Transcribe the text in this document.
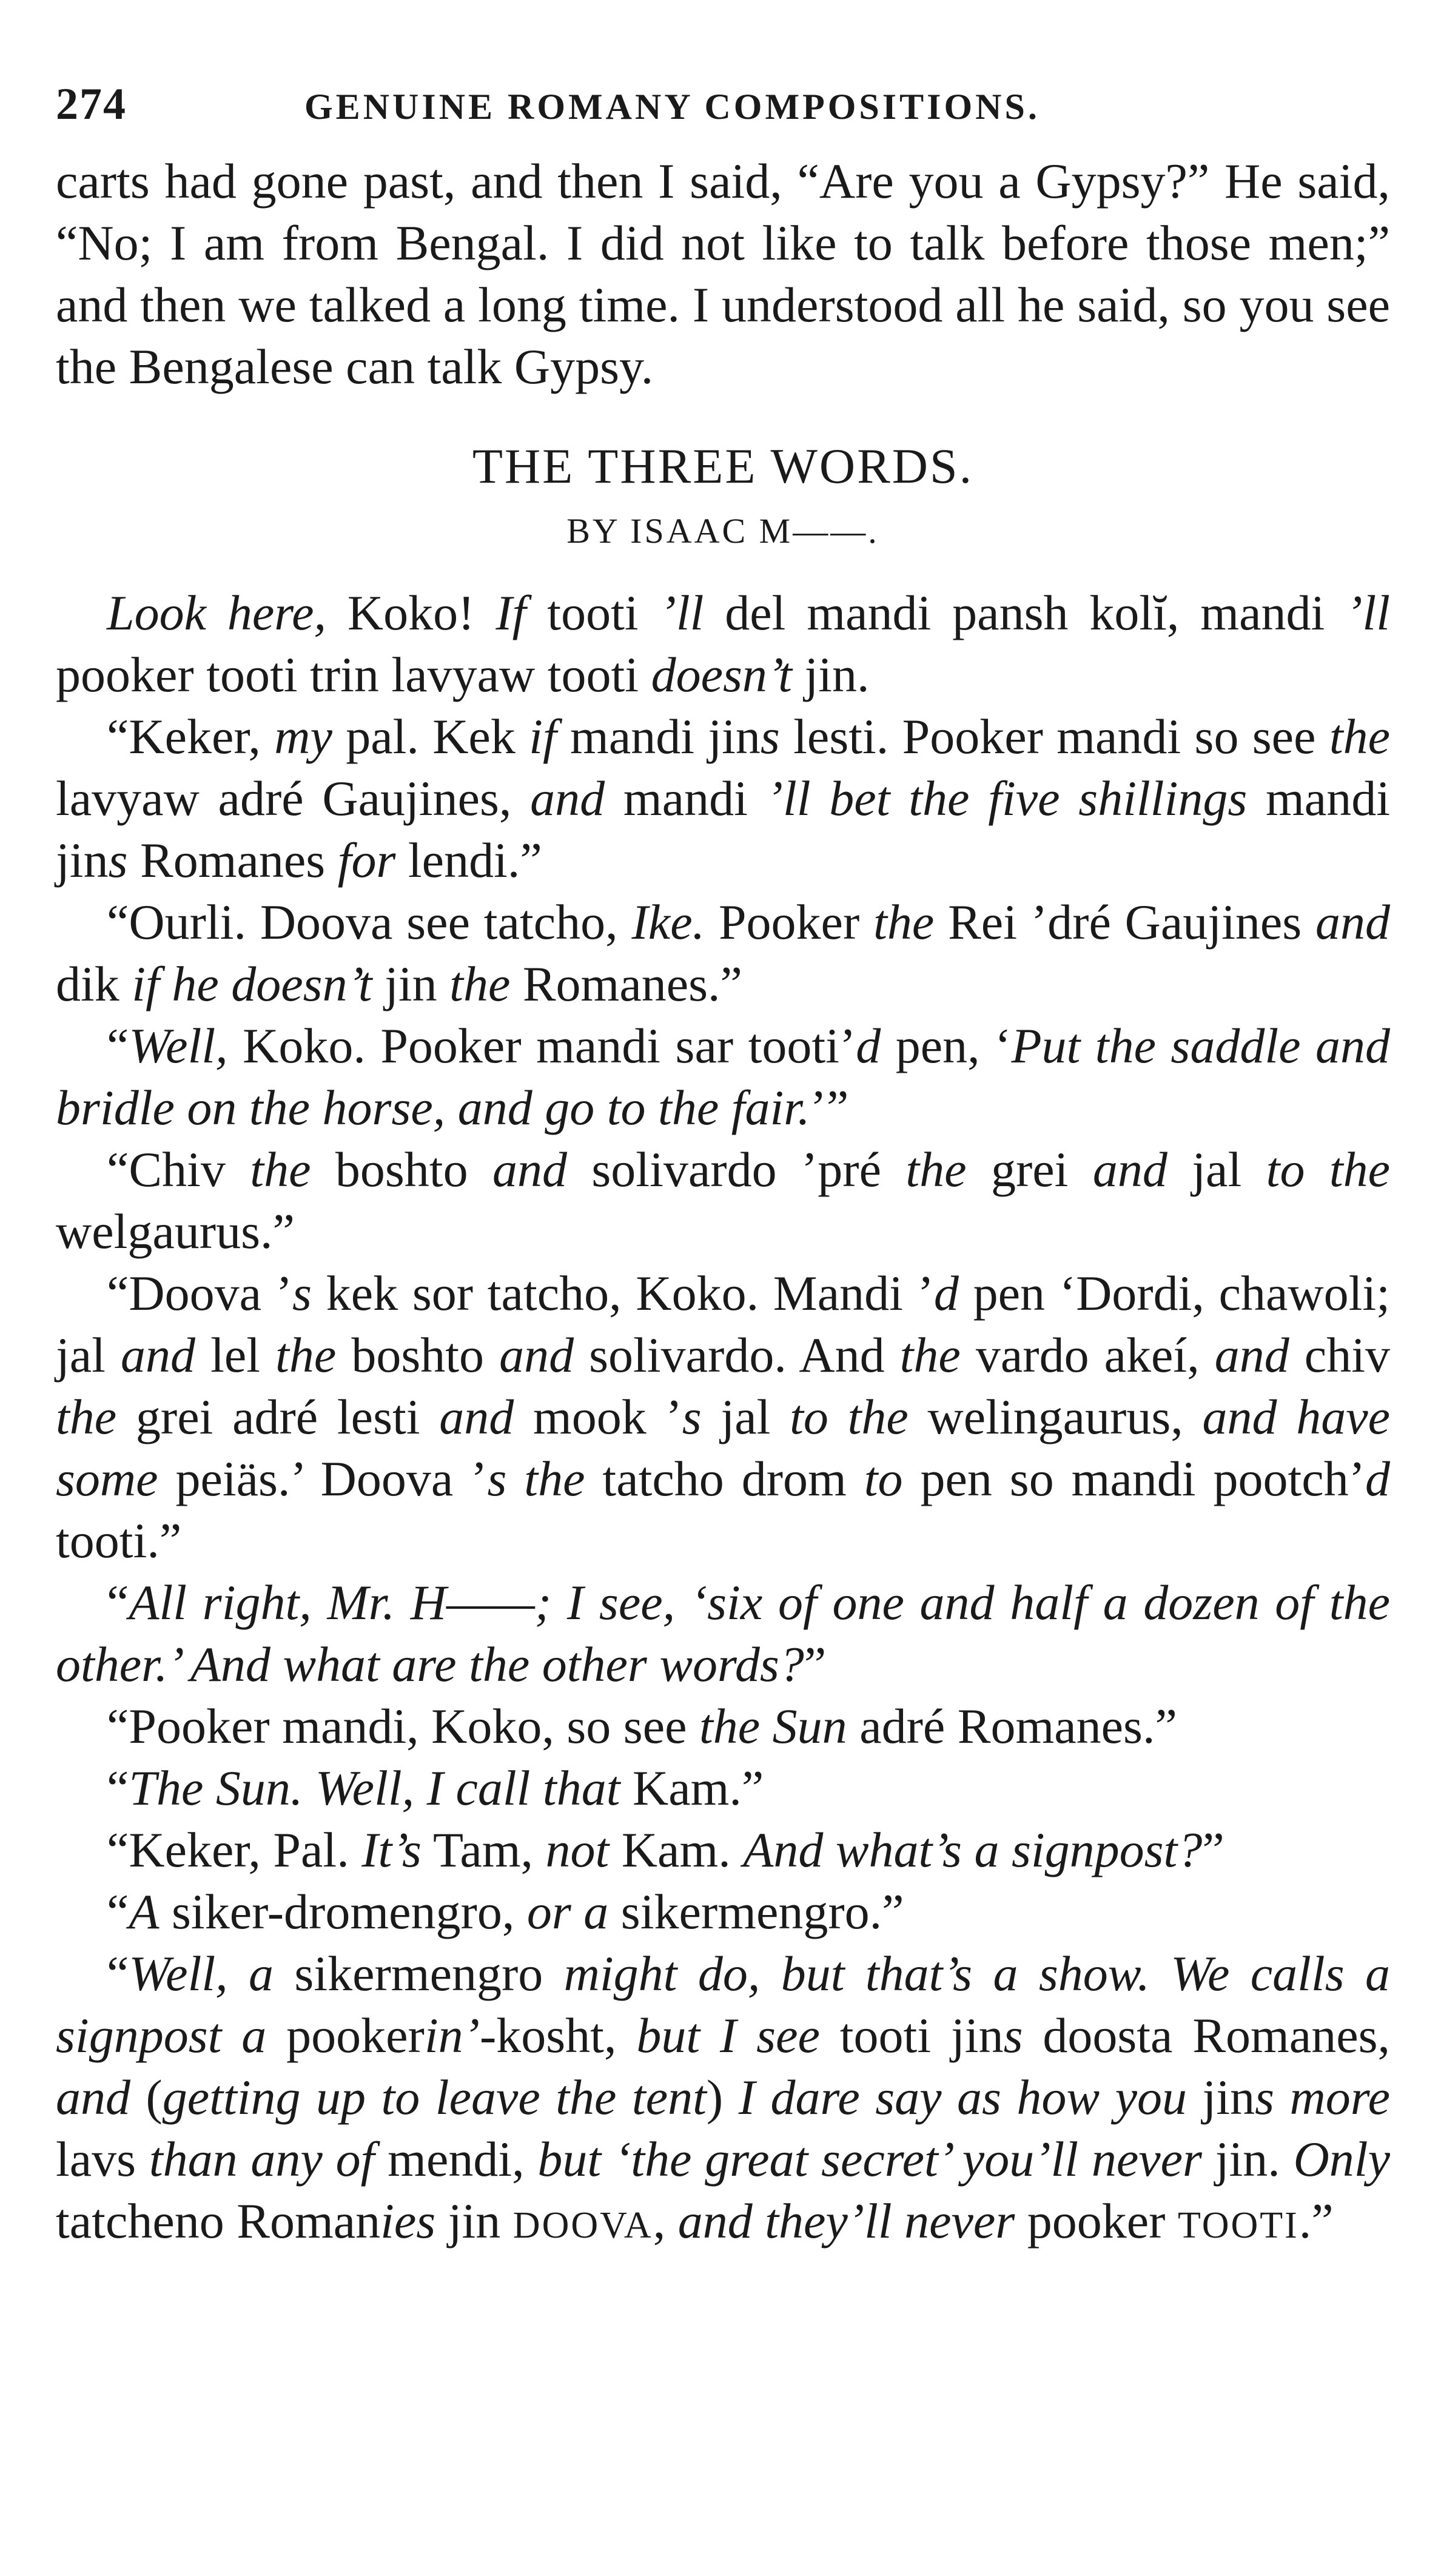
274	GENUINE ROMANY COMPOSITIONS.

carts had gone past, and then I said, “Are you a Gypsy?” He said, “No; I am from Bengal. I did not like to talk before those men;” and then we talked a long time. I understood all he said, so you see the Bengalese can talk Gypsy.

THE THREE WORDS.
BY ISAAC M——.

Look here, Koko! If tooti ’ll del mandi pansh kolĭ, mandi ’ll pooker tooti trin lavyaw tooti doesn’t jin.

“Keker, my pal. Kek if mandi jins lesti. Pooker mandi so see the lavyaw adré Gaujines, and mandi ’ll bet the five shillings mandi jins Romanes for lendi.”

“Ourli. Doova see tatcho, Ike. Pooker the Rei ’dré Gaujines and dik if he doesn’t jin the Romanes.”

“Well, Koko. Pooker mandi sar tooti’d pen, ‘Put the saddle and bridle on the horse, and go to the fair.’”

“Chiv the boshto and solivardo ’pré the grei and jal to the welgaurus.”

“Doova ’s kek sor tatcho, Koko. Mandi ’d pen ‘Dordi, chawoli; jal and lel the boshto and solivardo. And the vardo akeí, and chiv the grei adré lesti and mook ’s jal to the welingaurus, and have some peiäs.’ Doova ’s the tatcho drom to pen so mandi pootch’d tooti.”

“All right, Mr. H——; I see, ‘six of one and half a dozen of the other.’ And what are the other words?”

“Pooker mandi, Koko, so see the Sun adré Romanes.”

“The Sun. Well, I call that Kam.”

“Keker, Pal. It’s Tam, not Kam. And what’s a signpost?”

“A siker-dromengro, or a sikermengro.”

“Well, a sikermengro might do, but that’s a show. We calls a signpost a pookerin’-kosht, but I see tooti jins doosta Romanes, and (getting up to leave the tent) I dare say as how you jins more lavs than any of mendi, but ‘the great secret’ you’ll never jin. Only tatcheno Romanies jin DOOVA, and they’ll never pooker TOOTI.”
